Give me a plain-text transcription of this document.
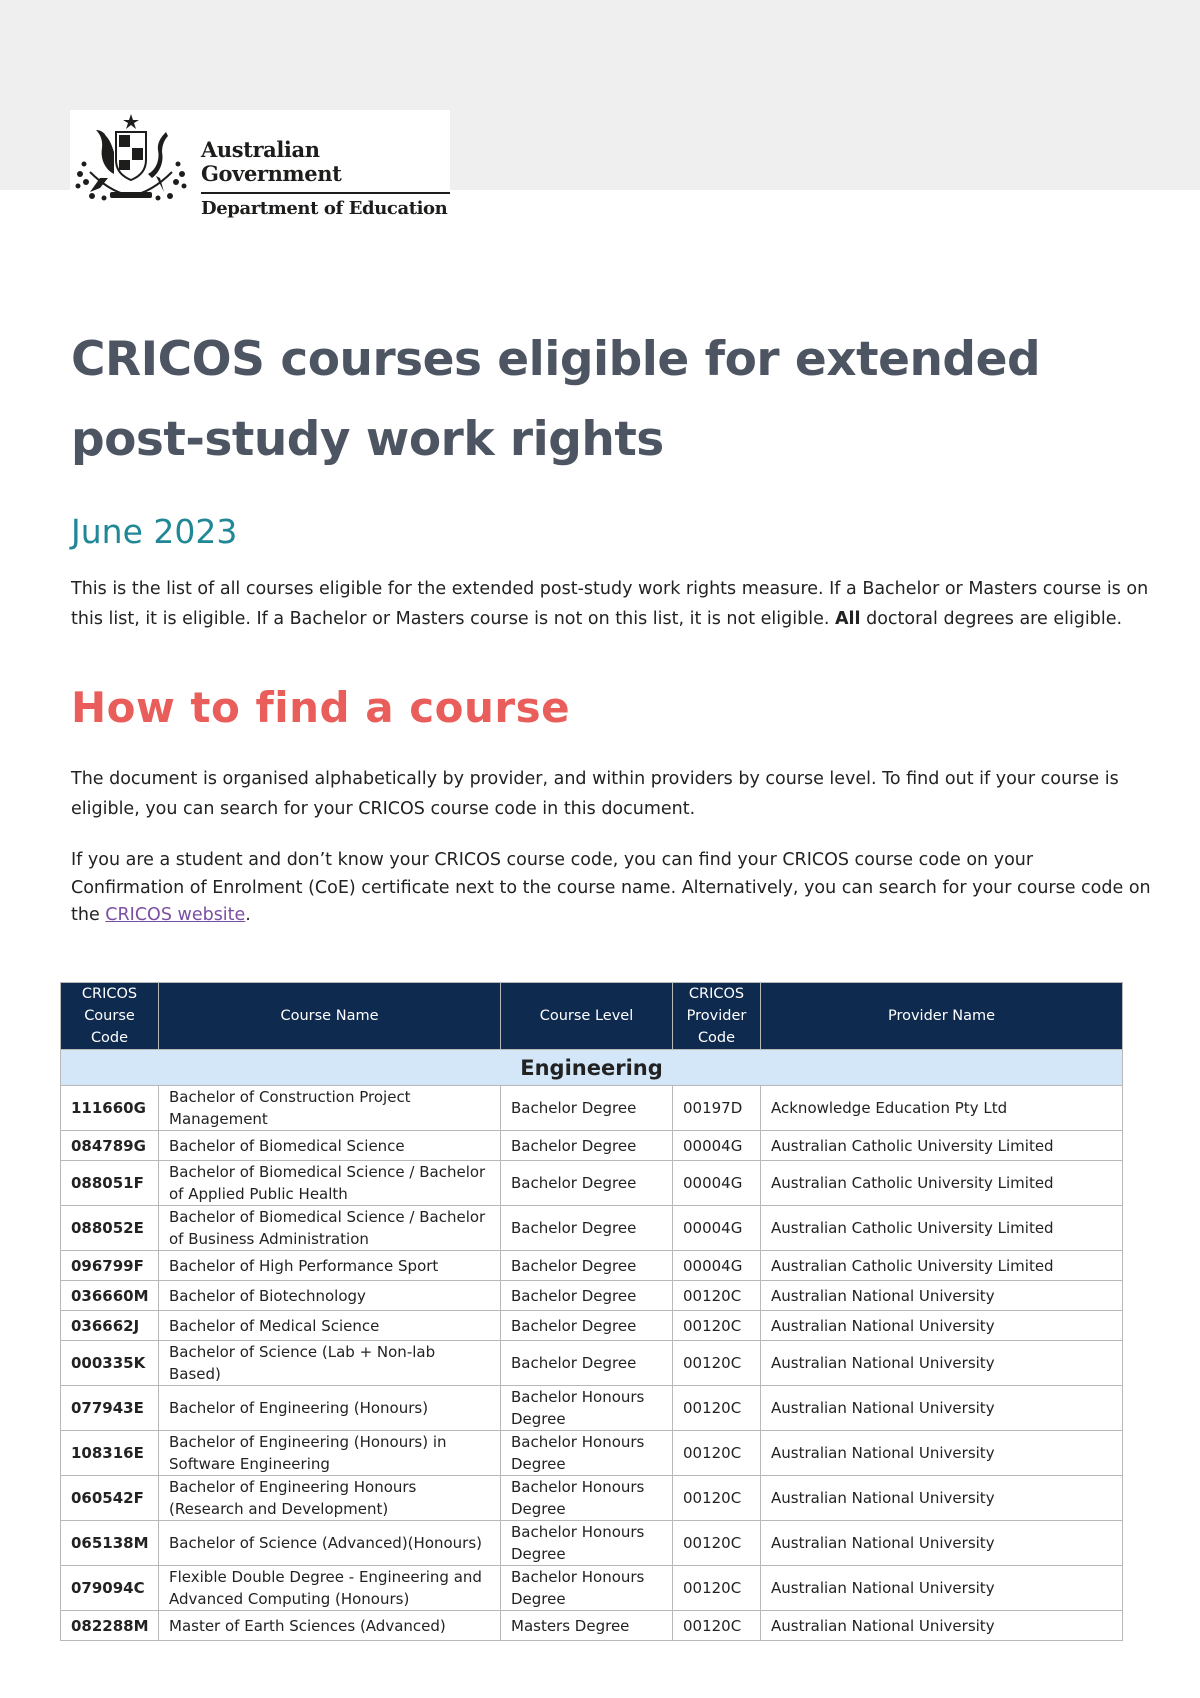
Australian Government
Department of Education
CRICOS courses eligible for extended post-study work rights
June 2023

This is the list of all courses eligible for the extended post-study work rights measure. If a Bachelor or Masters course is on this list, it is eligible. If a Bachelor or Masters course is not on this list, it is not eligible. All doctoral degrees are eligible.

How to find a course

The document is organised alphabetically by provider, and within providers by course level. To find out if your course is eligible, you can search for your CRICOS course code in this document.

If you are a student and don’t know your CRICOS course code, you can find your CRICOS course code on your Confirmation of Enrolment (CoE) certificate next to the course name. Alternatively, you can search for your course code on the CRICOS website.

CRICOS Course Code	Course Name	Course Level	CRICOS Provider Code	Provider Name
Engineering				
111660G	Bachelor of Construction Project Management	Bachelor Degree	00197D	Acknowledge Education Pty Ltd
084789G	Bachelor of Biomedical Science	Bachelor Degree	00004G	Australian Catholic University Limited
088051F	Bachelor of Biomedical Science / Bachelor of Applied Public Health	Bachelor Degree	00004G	Australian Catholic University Limited
088052E	Bachelor of Biomedical Science / Bachelor of Business Administration	Bachelor Degree	00004G	Australian Catholic University Limited
096799F	Bachelor of High Performance Sport	Bachelor Degree	00004G	Australian Catholic University Limited
036660M	Bachelor of Biotechnology	Bachelor Degree	00120C	Australian National University
036662J	Bachelor of Medical Science	Bachelor Degree	00120C	Australian National University
000335K	Bachelor of Science (Lab + Non-lab Based)	Bachelor Degree	00120C	Australian National University
077943E	Bachelor of Engineering (Honours)	Bachelor Honours Degree	00120C	Australian National University
108316E	Bachelor of Engineering (Honours) in Software Engineering	Bachelor Honours Degree	00120C	Australian National University
060542F	Bachelor of Engineering Honours (Research and Development)	Bachelor Honours Degree	00120C	Australian National University
065138M	Bachelor of Science (Advanced)(Honours)	Bachelor Honours Degree	00120C	Australian National University
079094C	Flexible Double Degree - Engineering and Advanced Computing (Honours)	Bachelor Honours Degree	00120C	Australian National University
082288M	Master of Earth Sciences (Advanced)	Masters Degree	00120C	Australian National University
